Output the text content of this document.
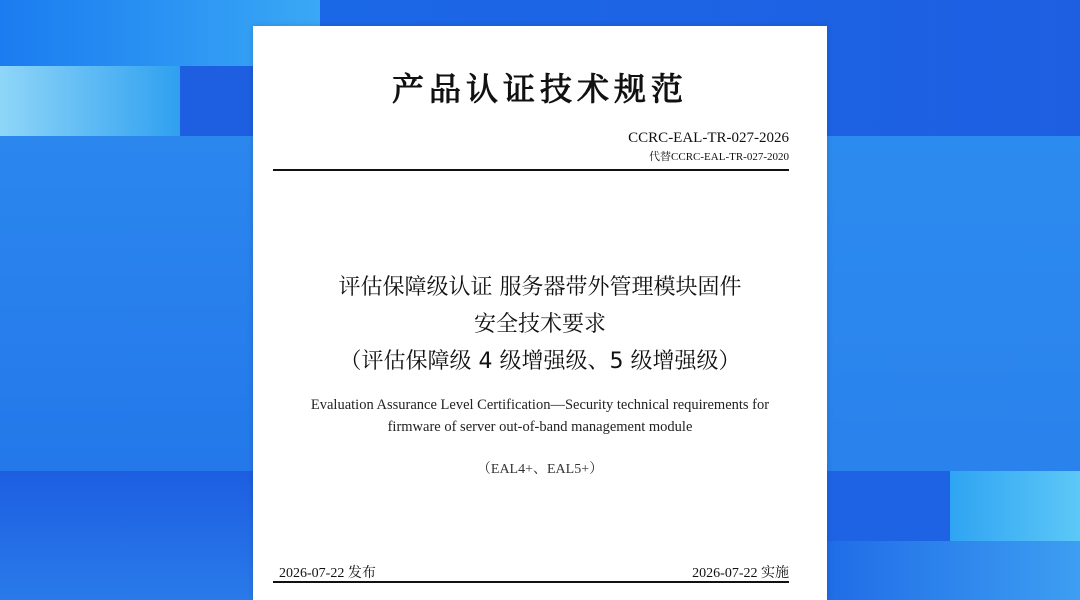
产品认证技术规范
CCRC-EAL-TR-027-2026
代替CCRC-EAL-TR-027-2020
评估保障级认证 服务器带外管理模块固件
安全技术要求
（评估保障级 4 级增强级、5 级增强级）
Evaluation Assurance Level Certification—Security technical requirements for
firmware of server out-of-band management module
（EAL4+、EAL5+）
2026-07-22 发布	2026-07-22 实施
